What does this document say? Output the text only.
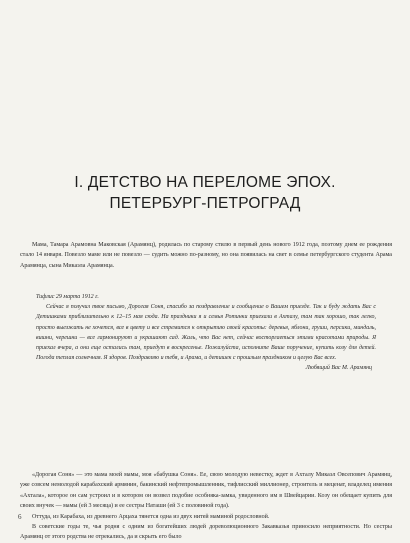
I. ДЕТСТВО НА ПЕРЕЛОМЕ ЭПОХ.
ПЕТЕРБУРГ-ПЕТРОГРАД

Мама, Тамара Арамовна Маковская (Арамянц), родилась по старому стилю в первый день нового 1912 года, поэтому днем ее рождения стало 14 января. Повезло маме или не повезло — судить можно по-разному, но она появилась на свет в семье петербургского студента Арама Арамянца, сына Микаэла Арамянца.

Тифлис 29 марта 1912 г.

Сейчас я получил твое письмо, Дорогая Соня, спасибо за поздравление и сообщение о Вашем приезде. Так и буду ждать Вас с Детишками приблизительно к 12–15 мая сюда. На праздники я и семья Ротинки приехали в Ахталу, там так хорошо, так легко, просто выезжать не хочется, все в цвету и все стремится к открытию своей красоты: деревья, яблони, груши, персики, миндаль, вишни, черешни — все гармонируют и украшают сад. Жаль, что Вас нет, сейчас восторгаеться этими красотами природы. Я приехал вчера, а они еще остались там, приедут в воскресенье. Пожалуйста, исполните Ваше поручение, купить козу для детей. Погода теплая солнечная. Я здоров. Поздравляю и тебя, и Арама, и детишек с прошлым праздником и целую Вас всех.

Любящий Вас М. Арамянц

«Дорогая Соня» — это мама моей мамы, моя «бабушка Соня». Ее, свою молодую невестку, ждет в Ахталу Микаэл Овсепович Арамянц, уже совсем немолодой карабахский армянин, бакинский нефтепромышленник, тифлисский миллионер, строитель и меценат, владелец имения «Ахтала», которое он сам устроил и в котором он возвел подобие особняка-замка, увиденного им в Швейцарии. Козу он обещает купить для своих внучек — мамы (ей 3 месяца) и ее сестры Наташи (ей 3 с половиной года).

Оттуда, из Карабаха, из древнего Арцаха тянется одна из двух нитей маминой родословной.

В советские годы те, чья родня с одним из богатейших людей дореволюционного Закавказья приносило неприятности. Но сестры Арамянц от этого родства не отрекались, да и скрыть его было

6
